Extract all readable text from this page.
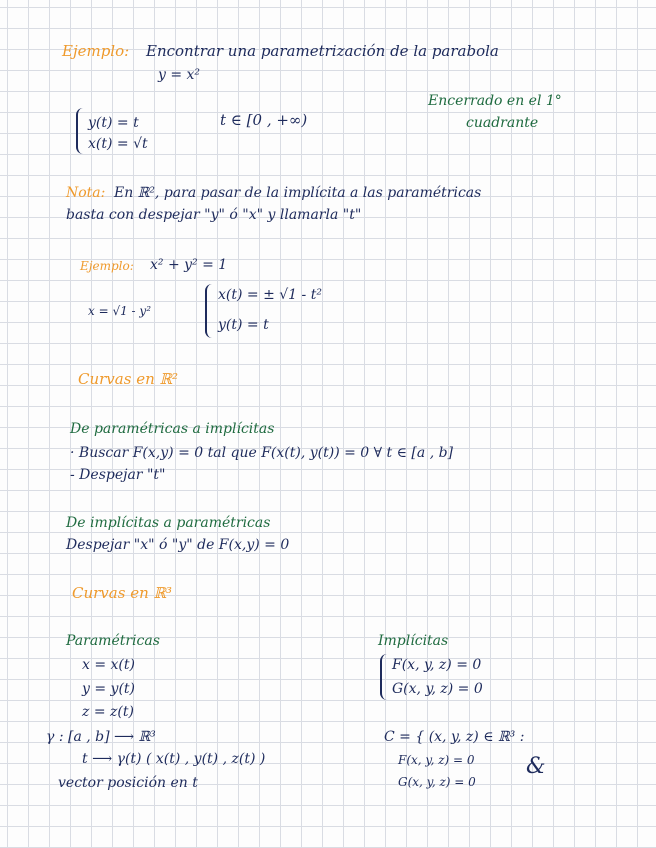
Ejemplo: Encontrar una parametrización de la parabola
y = x²
y(t) = t
x(t) = √t
t ∈ [0 , +∞)
Encerrado en el 1°
cuadrante
Nota: En ℝ², para pasar de la implícita a las paramétricas
basta con despejar "y" ó "x" y llamarla "t"
Ejemplo: x² + y² = 1
x = √1 - y²
x(t) = ± √1 - t²
y(t) = t
Curvas en ℝ²
De paramétricas a implícitas
· Buscar F(x,y) = 0 tal que F(x(t), y(t)) = 0 ∀ t ∈ [a , b]
- Despejar "t"
De implícitas a paramétricas
Despejar "x" ó "y" de F(x,y) = 0
Curvas en ℝ³
Paramétricas
x = x(t)
y = y(t)
z = z(t)
γ : [a , b] ⟶ ℝ³
t ⟶ γ(t) ( x(t) , y(t) , z(t) )
vector posición en t
Implícitas
F(x, y, z) = 0
G(x, y, z) = 0
C = { (x, y, z) ∈ ℝ³ :
F(x, y, z) = 0
G(x, y, z) = 0
&
